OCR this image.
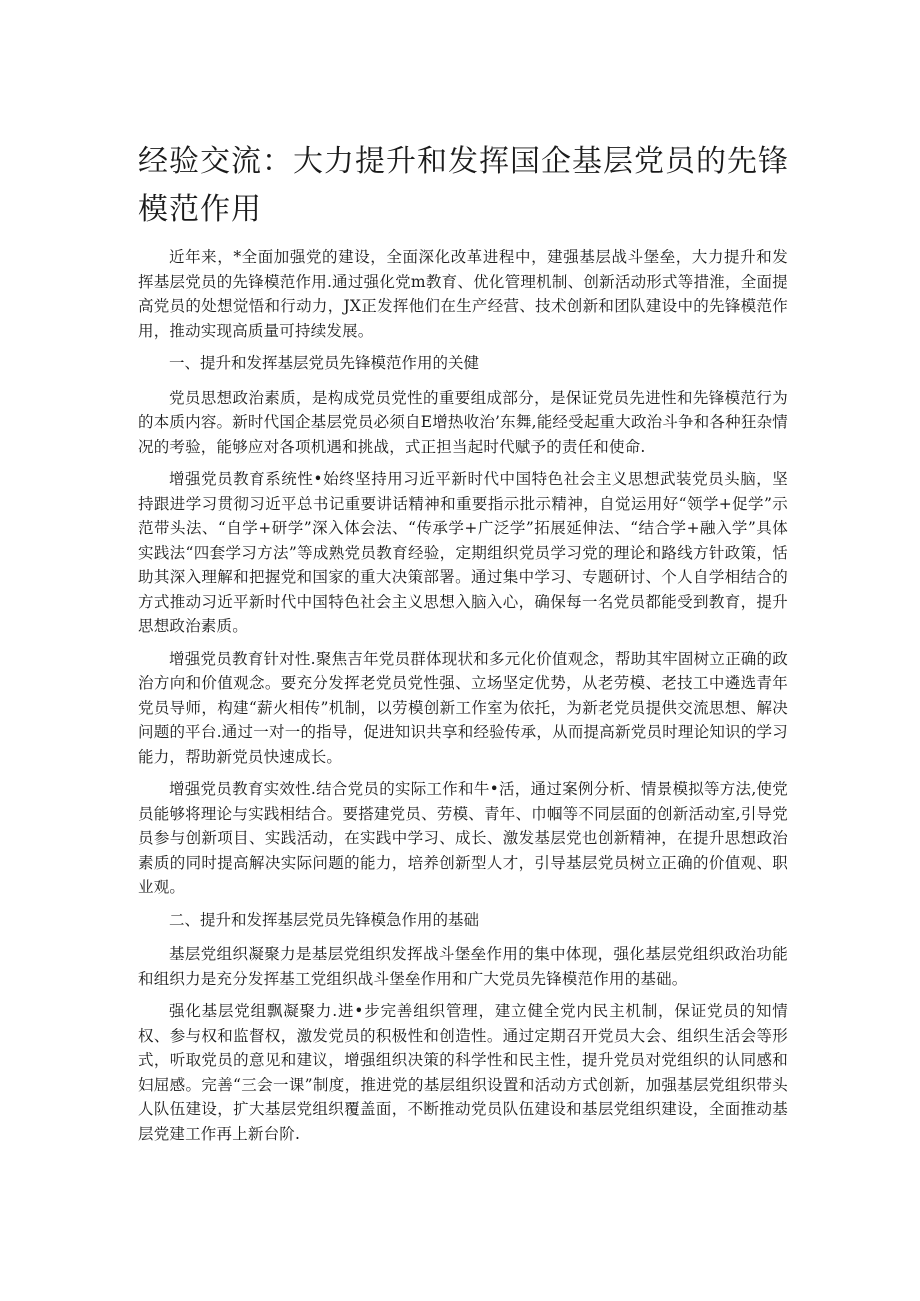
经验交流：大力提升和发挥国企基层党员的先锋模范作用

近年来，*全面加强党的建设，全面深化改革进程中，建强基层战斗堡垒，大力提升和发挥基层党员的先锋模范作用.通过强化党m教育、优化管理机制、创新活动形式等措淮，全面提高党员的处想觉悟和行动力，JX正发挥他们在生产经营、技术创新和团队建设中的先锋模范作用，推动实现高质量可持续发展。

一、提升和发挥基层党员先锋模范作用的关健

党员思想政治素质，是构成党员党性的重要组成部分，是保证党员先进性和先锋模范行为的本质内容。新时代国企基层党员必须自E增热收治’东舞,能经受起重大政治斗争和各种狂杂情况的考验，能够应对各项机遇和挑战，式正担当起时代赋予的责任和使命.

增强党员教育系统性•始终坚持用习近平新时代中国特色社会主义思想武装党员头脑，坚持跟进学习贯彻习近平总书记重要讲话精神和重要指示批示精神，自觉运用好“领学+促学”示范带头法、“自学+研学”深入体会法、“传承学+广泛学”拓展延伸法、“结合学+融入学”具体实践法“四套学习方法”等成熟党员教育经验，定期组织党员学习党的理论和路线方针政策，恬助其深入理解和把握党和国家的重大决策部署。通过集中学习、专题研讨、个人自学相结合的方式推动习近平新时代中国特色社会主义思想入脑入心，确保每一名党员都能受到教育，提升思想政治素质。

增强党员教育针对性.聚焦吉年党员群体现状和多元化价值观念，帮助其牢固树立正确的政治方向和价值观念。要充分发挥老党员党性强、立场坚定优势，从老劳模、老技工中遴选青年党员导师，构建“薪火相传”机制，以劳模创新工作室为依托，为新老党员提供交流思想、解决问题的平台.通过一对一的指导，促进知识共享和经验传承，从而提高新党员时理论知识的学习能力，帮助新党员快速成长。

增强党员教育实效性.结合党员的实际工作和牛•活，通过案例分析、情景模拟等方法,使党员能够将理论与实践相结合。要搭建党员、劳模、青年、巾帼等不同层面的创新活动室,引导党员参与创新项目、实践活动，在实践中学习、成长、激发基层党也创新精神，在提升思想政治素质的同时提高解决实际问题的能力，培养创新型人才，引导基层党员树立正确的价值观、职业观。

二、提升和发挥基层党员先锋模急作用的基础

基层党组织凝聚力是基层党组织发挥战斗堡垒作用的集中体现，强化基层党组织政治功能和组织力是充分发挥基工党组织战斗堡垒作用和广大党员先锋模范作用的基础。

强化基层党组飘凝聚力.进•步完善组织管理，建立健全党内民主机制，保证党员的知情权、参与权和监督权，激发党员的积极性和创造性。通过定期召开党员大会、组织生活会等形式，听取党员的意见和建议，增强组织决策的科学性和民主性，提升党员对党组织的认同感和妇屈感。完善“三会一课”制度，推进党的基层组织设置和活动方式创新，加强基层党组织带头人队伍建设，扩大基层党组织覆盖面，不断推动党员队伍建设和基层党组织建设，全面推动基层党建工作再上新台阶.
